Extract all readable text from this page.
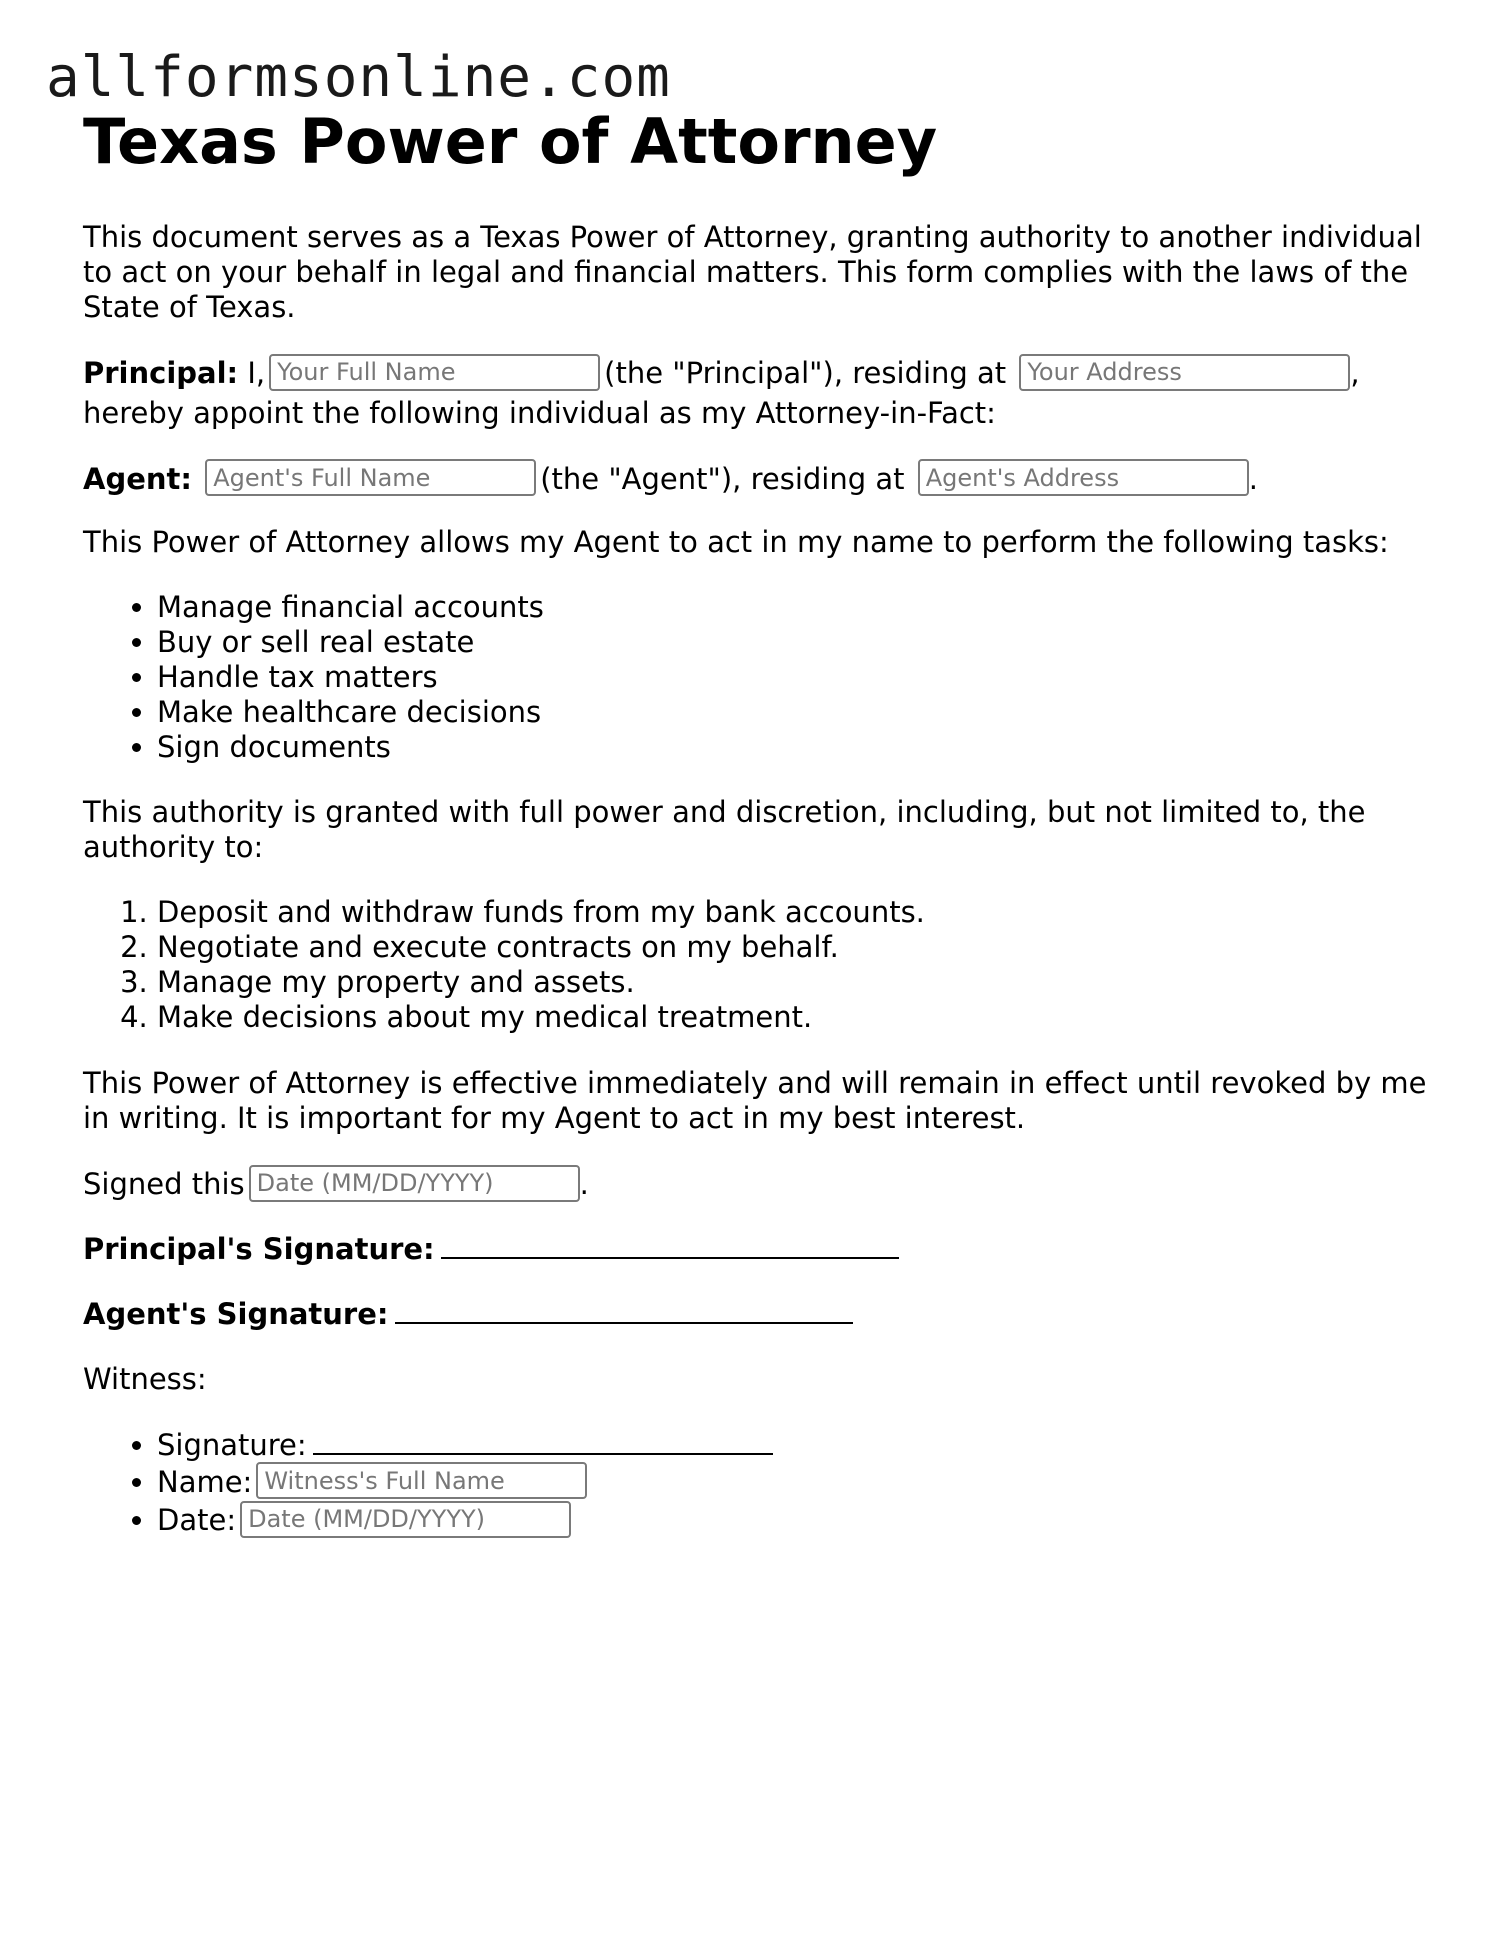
allformsonline.com
Texas Power of Attorney

This document serves as a Texas Power of Attorney, granting authority to another individual to act on your behalf in legal and financial matters. This form complies with the laws of the State of Texas.

Principal: I,Your Full Name	(the "Principal"), residing at Your Address	, hereby appoint the following individual as my Attorney-in-Fact:

Agent: Agent's Full Name	(the "Agent"), residing at Agent's Address	.

This Power of Attorney allows my Agent to act in my name to perform the following tasks:

• Manage financial accounts
• Buy or sell real estate
• Handle tax matters
• Make healthcare decisions
• Sign documents

This authority is granted with full power and discretion, including, but not limited to, the authority to:

1. Deposit and withdraw funds from my bank accounts.
2. Negotiate and execute contracts on my behalf.
3. Manage my property and assets.
4. Make decisions about my medical treatment.

This Power of Attorney is effective immediately and will remain in effect until revoked by me in writing. It is important for my Agent to act in my best interest.

Signed thisDate (MM/DD/YYYY)	.

Principal's Signature:

Agent's Signature:

Witness:

• Signature:
• Name:Witness's Full Name
• Date:Date (MM/DD/YYYY)
